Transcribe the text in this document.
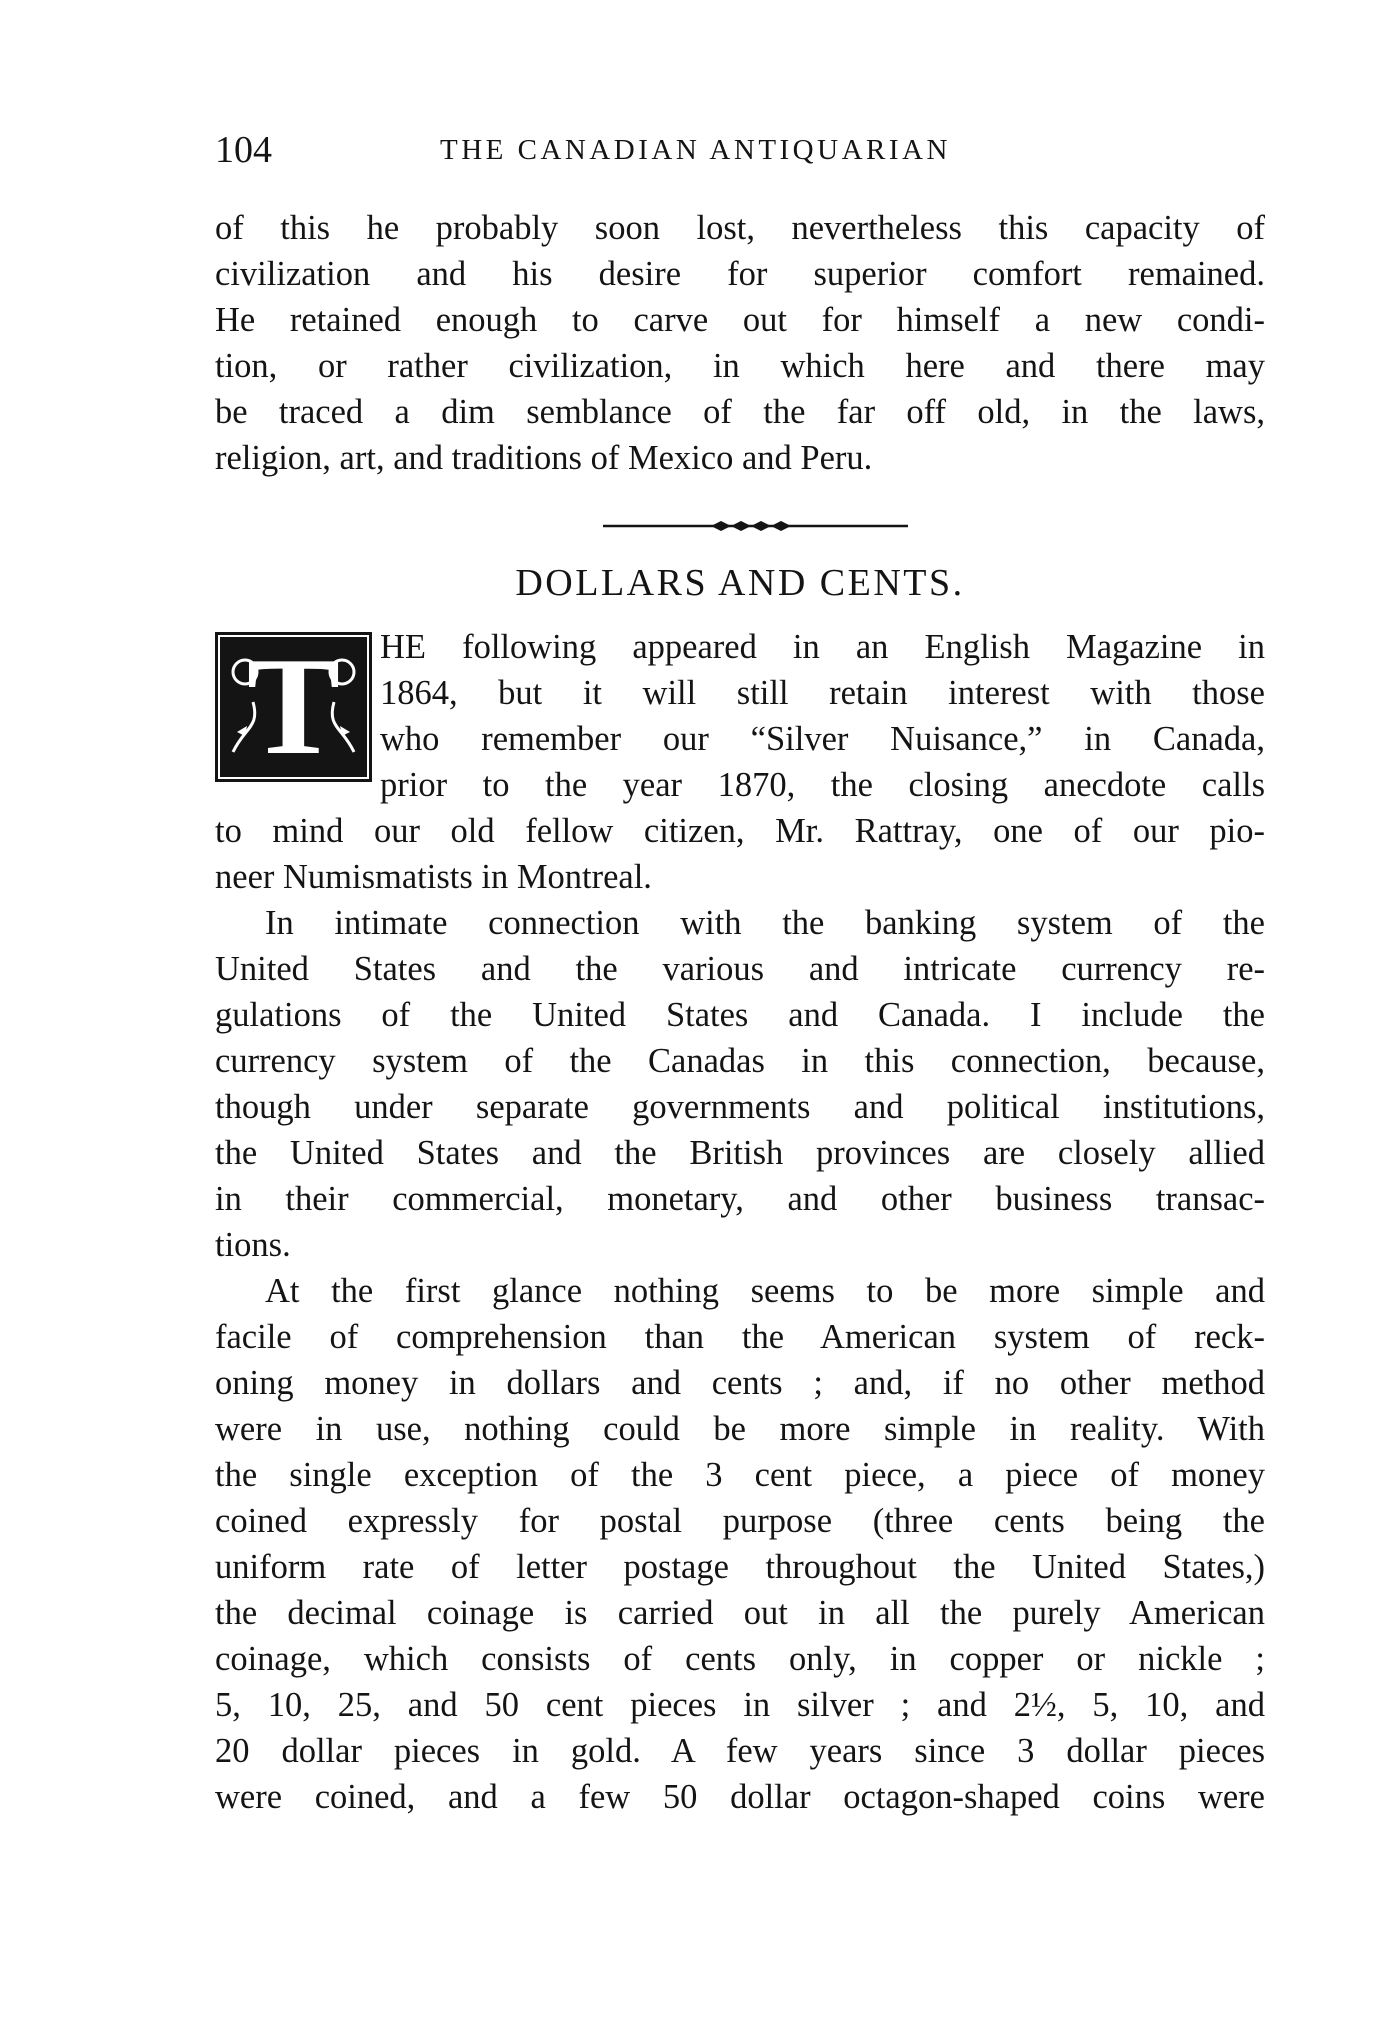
104	THE CANADIAN ANTIQUARIAN
of this he probably soon lost, nevertheless this capacity of
civilization and his desire for superior comfort remained.
He retained enough to carve out for himself a new condi-
tion, or rather civilization, in which here and there may
be traced a dim semblance of the far off old, in the laws,
religion, art, and traditions of Mexico and Peru.
DOLLARS AND CENTS.
T HE following appeared in an English Magazine in
1864, but it will still retain interest with those
who remember our “Silver Nuisance,” in Canada,
prior to the year 1870, the closing anecdote calls
to mind our old fellow citizen, Mr. Rattray, one of our pio-
neer Numismatists in Montreal.
In intimate connection with the banking system of the
United States and the various and intricate currency re-
gulations of the United States and Canada. I include the
currency system of the Canadas in this connection, because,
though under separate governments and political institutions,
the United States and the British provinces are closely allied
in their commercial, monetary, and other business transac-
tions.
At the first glance nothing seems to be more simple and
facile of comprehension than the American system of reck-
oning money in dollars and cents ; and, if no other method
were in use, nothing could be more simple in reality. With
the single exception of the 3 cent piece, a piece of money
coined expressly for postal purpose (three cents being the
uniform rate of letter postage throughout the United States,)
the decimal coinage is carried out in all the purely American
coinage, which consists of cents only, in copper or nickle ;
5, 10, 25, and 50 cent pieces in silver ; and 2½, 5, 10, and
20 dollar pieces in gold. A few years since 3 dollar pieces
were coined, and a few 50 dollar octagon-shaped coins were
